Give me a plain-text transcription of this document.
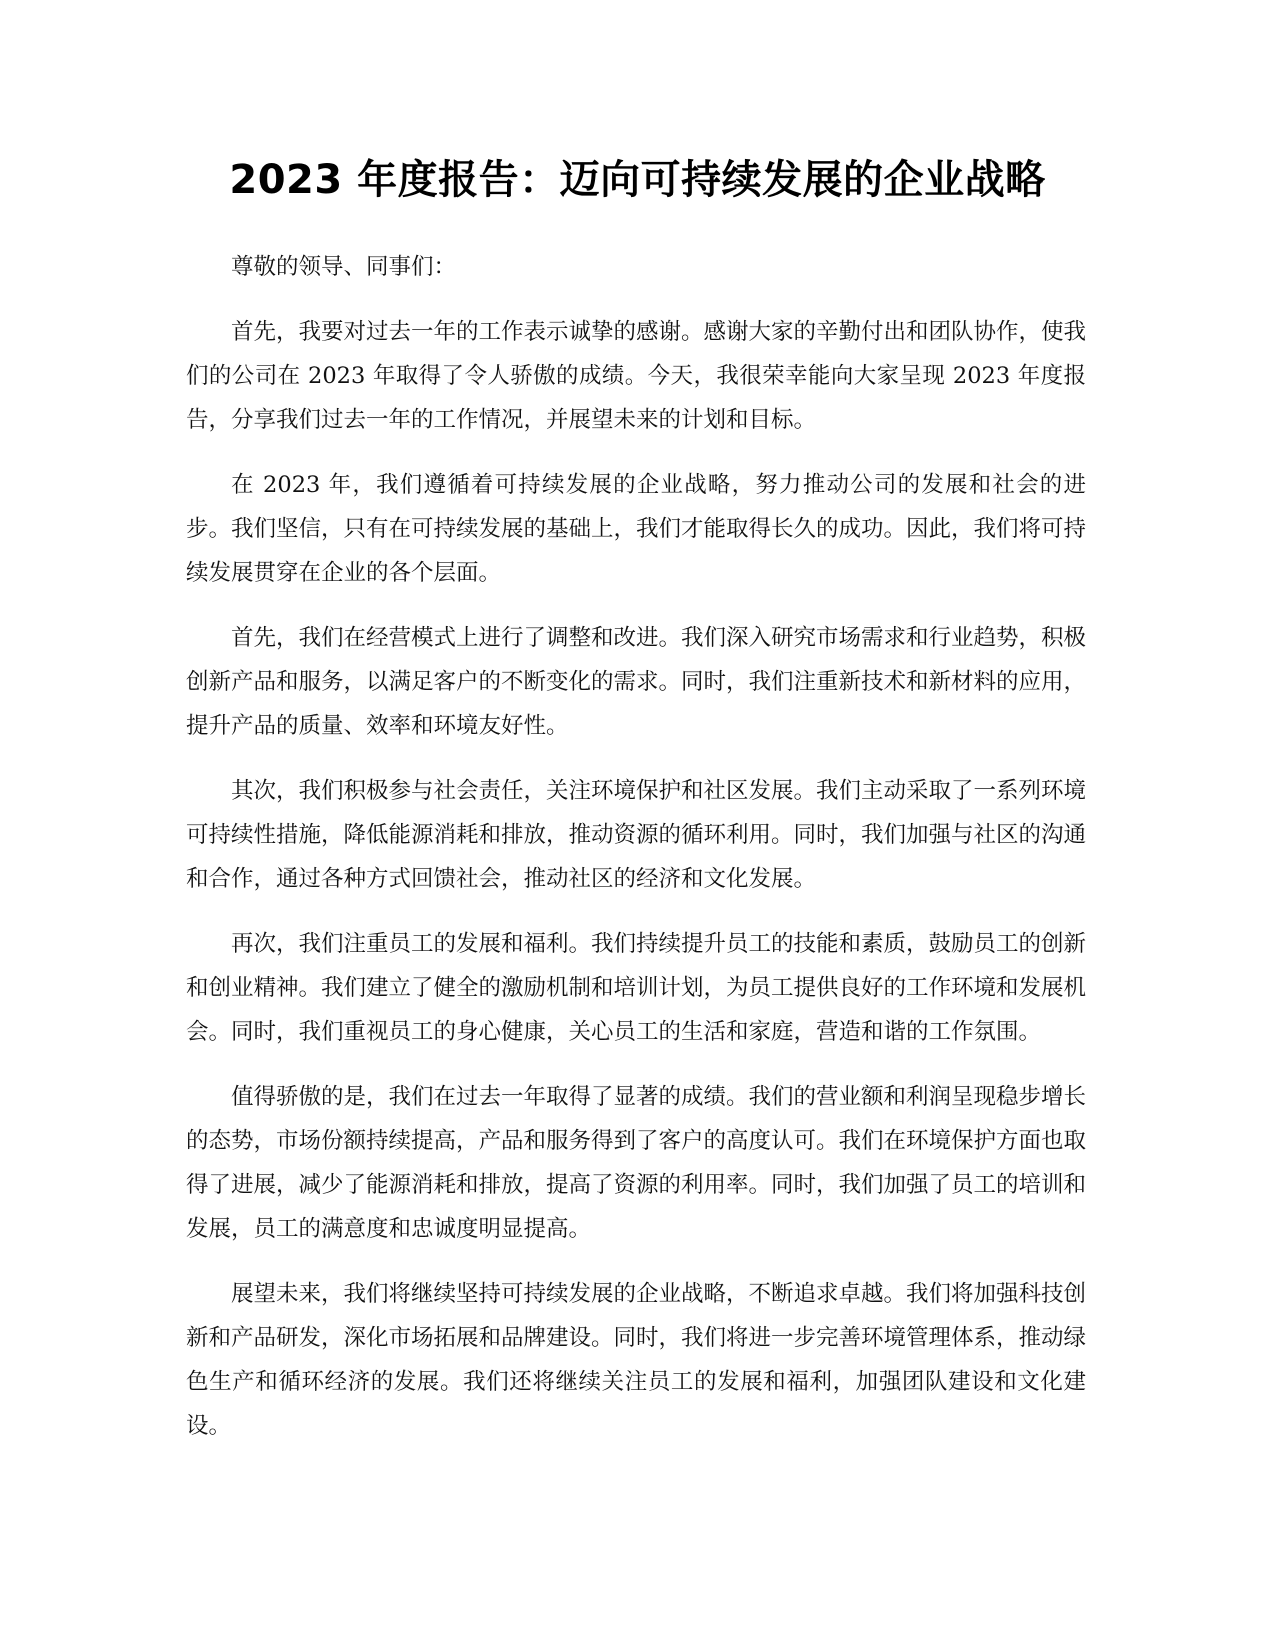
2023 年度报告：迈向可持续发展的企业战略

尊敬的领导、同事们：

首先，我要对过去一年的工作表示诚挚的感谢。感谢大家的辛勤付出和团队协作，使我们的公司在 2023 年取得了令人骄傲的成绩。今天，我很荣幸能向大家呈现 2023 年度报告，分享我们过去一年的工作情况，并展望未来的计划和目标。

在 2023 年，我们遵循着可持续发展的企业战略，努力推动公司的发展和社会的进步。我们坚信，只有在可持续发展的基础上，我们才能取得长久的成功。因此，我们将可持续发展贯穿在企业的各个层面。

首先，我们在经营模式上进行了调整和改进。我们深入研究市场需求和行业趋势，积极创新产品和服务，以满足客户的不断变化的需求。同时，我们注重新技术和新材料的应用，提升产品的质量、效率和环境友好性。

其次，我们积极参与社会责任，关注环境保护和社区发展。我们主动采取了一系列环境可持续性措施，降低能源消耗和排放，推动资源的循环利用。同时，我们加强与社区的沟通和合作，通过各种方式回馈社会，推动社区的经济和文化发展。

再次，我们注重员工的发展和福利。我们持续提升员工的技能和素质，鼓励员工的创新和创业精神。我们建立了健全的激励机制和培训计划，为员工提供良好的工作环境和发展机会。同时，我们重视员工的身心健康，关心员工的生活和家庭，营造和谐的工作氛围。

值得骄傲的是，我们在过去一年取得了显著的成绩。我们的营业额和利润呈现稳步增长的态势，市场份额持续提高，产品和服务得到了客户的高度认可。我们在环境保护方面也取得了进展，减少了能源消耗和排放，提高了资源的利用率。同时，我们加强了员工的培训和发展，员工的满意度和忠诚度明显提高。

展望未来，我们将继续坚持可持续发展的企业战略，不断追求卓越。我们将加强科技创新和产品研发，深化市场拓展和品牌建设。同时，我们将进一步完善环境管理体系，推动绿色生产和循环经济的发展。我们还将继续关注员工的发展和福利，加强团队建设和文化建设。
